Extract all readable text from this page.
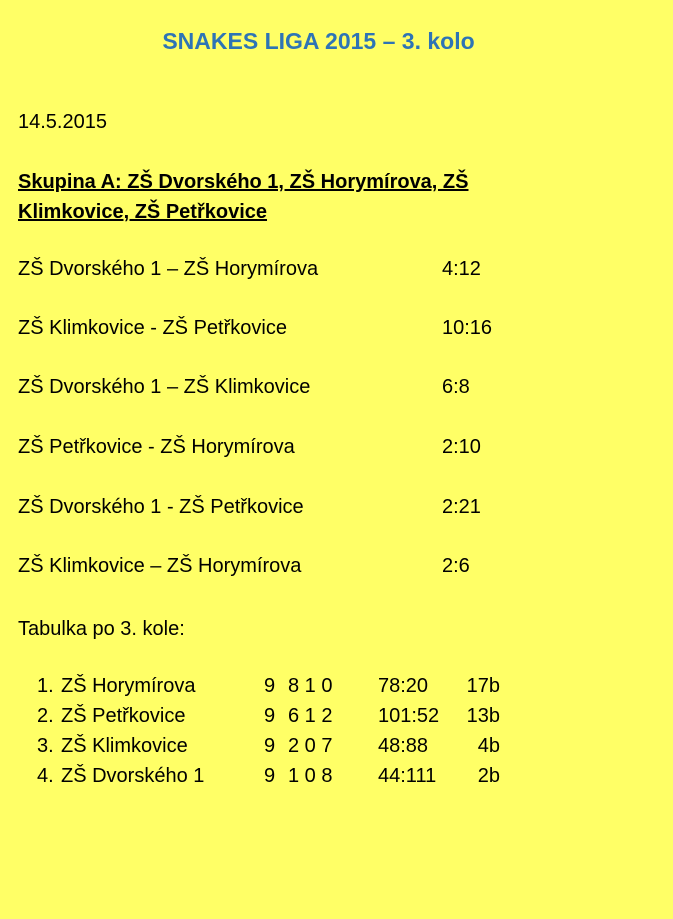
SNAKES LIGA 2015 – 3. kolo
14.5.2015
Skupina A: ZŠ Dvorského 1, ZŠ Horymírova, ZŠ Klimkovice, ZŠ Petřkovice
ZŠ Dvorského 1 – ZŠ Horymírova	4:12
ZŠ Klimkovice - ZŠ Petřkovice	10:16
ZŠ Dvorského 1 – ZŠ Klimkovice	6:8
ZŠ Petřkovice - ZŠ Horymírova	2:10
ZŠ Dvorského 1 - ZŠ Petřkovice	2:21
ZŠ Klimkovice – ZŠ Horymírova	2:6
Tabulka po 3. kole:
1. ZŠ Horymírova	9 8 1 0 78:20	17b
2. ZŠ Petřkovice	9 6 1 2 101:52	13b
3. ZŠ Klimkovice	9 2 0 7 48:88	4b
4. ZŠ Dvorského 1	9 1 0 8 44:111	2b
